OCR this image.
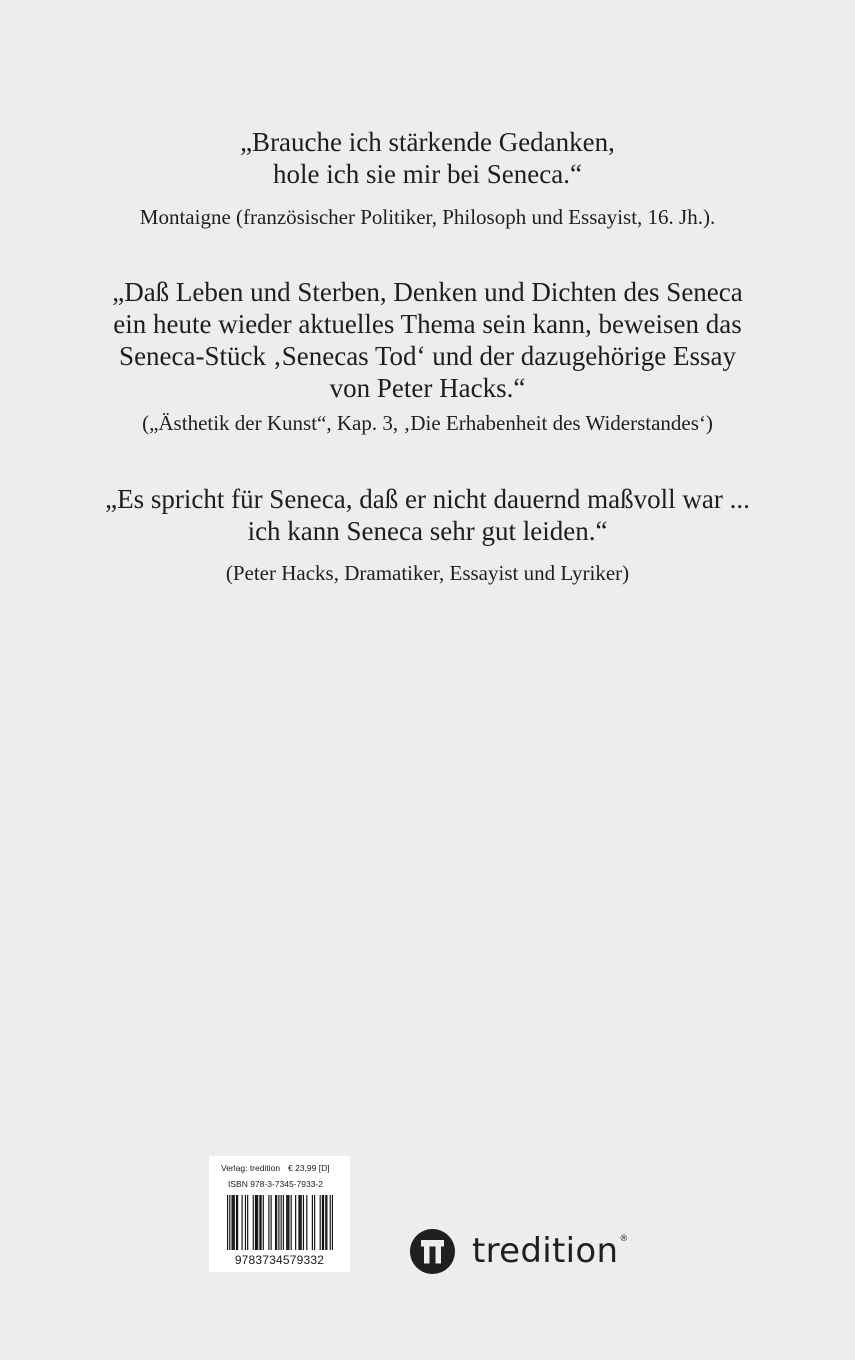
„Brauche ich stärkende Gedanken,
hole ich sie mir bei Seneca.“
Montaigne (französischer Politiker, Philosoph und Essayist, 16. Jh.).
„Daß Leben und Sterben, Denken und Dichten des Seneca
ein heute wieder aktuelles Thema sein kann, beweisen das
Seneca-Stück ‚Senecas Tod‘ und der dazugehörige Essay
von Peter Hacks.“
(„Ästhetik der Kunst“, Kap. 3, ‚Die Erhabenheit des Widerstandes‘)
„Es spricht für Seneca, daß er nicht dauernd maßvoll war ...
ich kann Seneca sehr gut leiden.“
(Peter Hacks, Dramatiker, Essayist und Lyriker)
Verlag: tredition € 23,99 [D]
ISBN 978-3-7345-7933-2
9783734579332	tredition ®
